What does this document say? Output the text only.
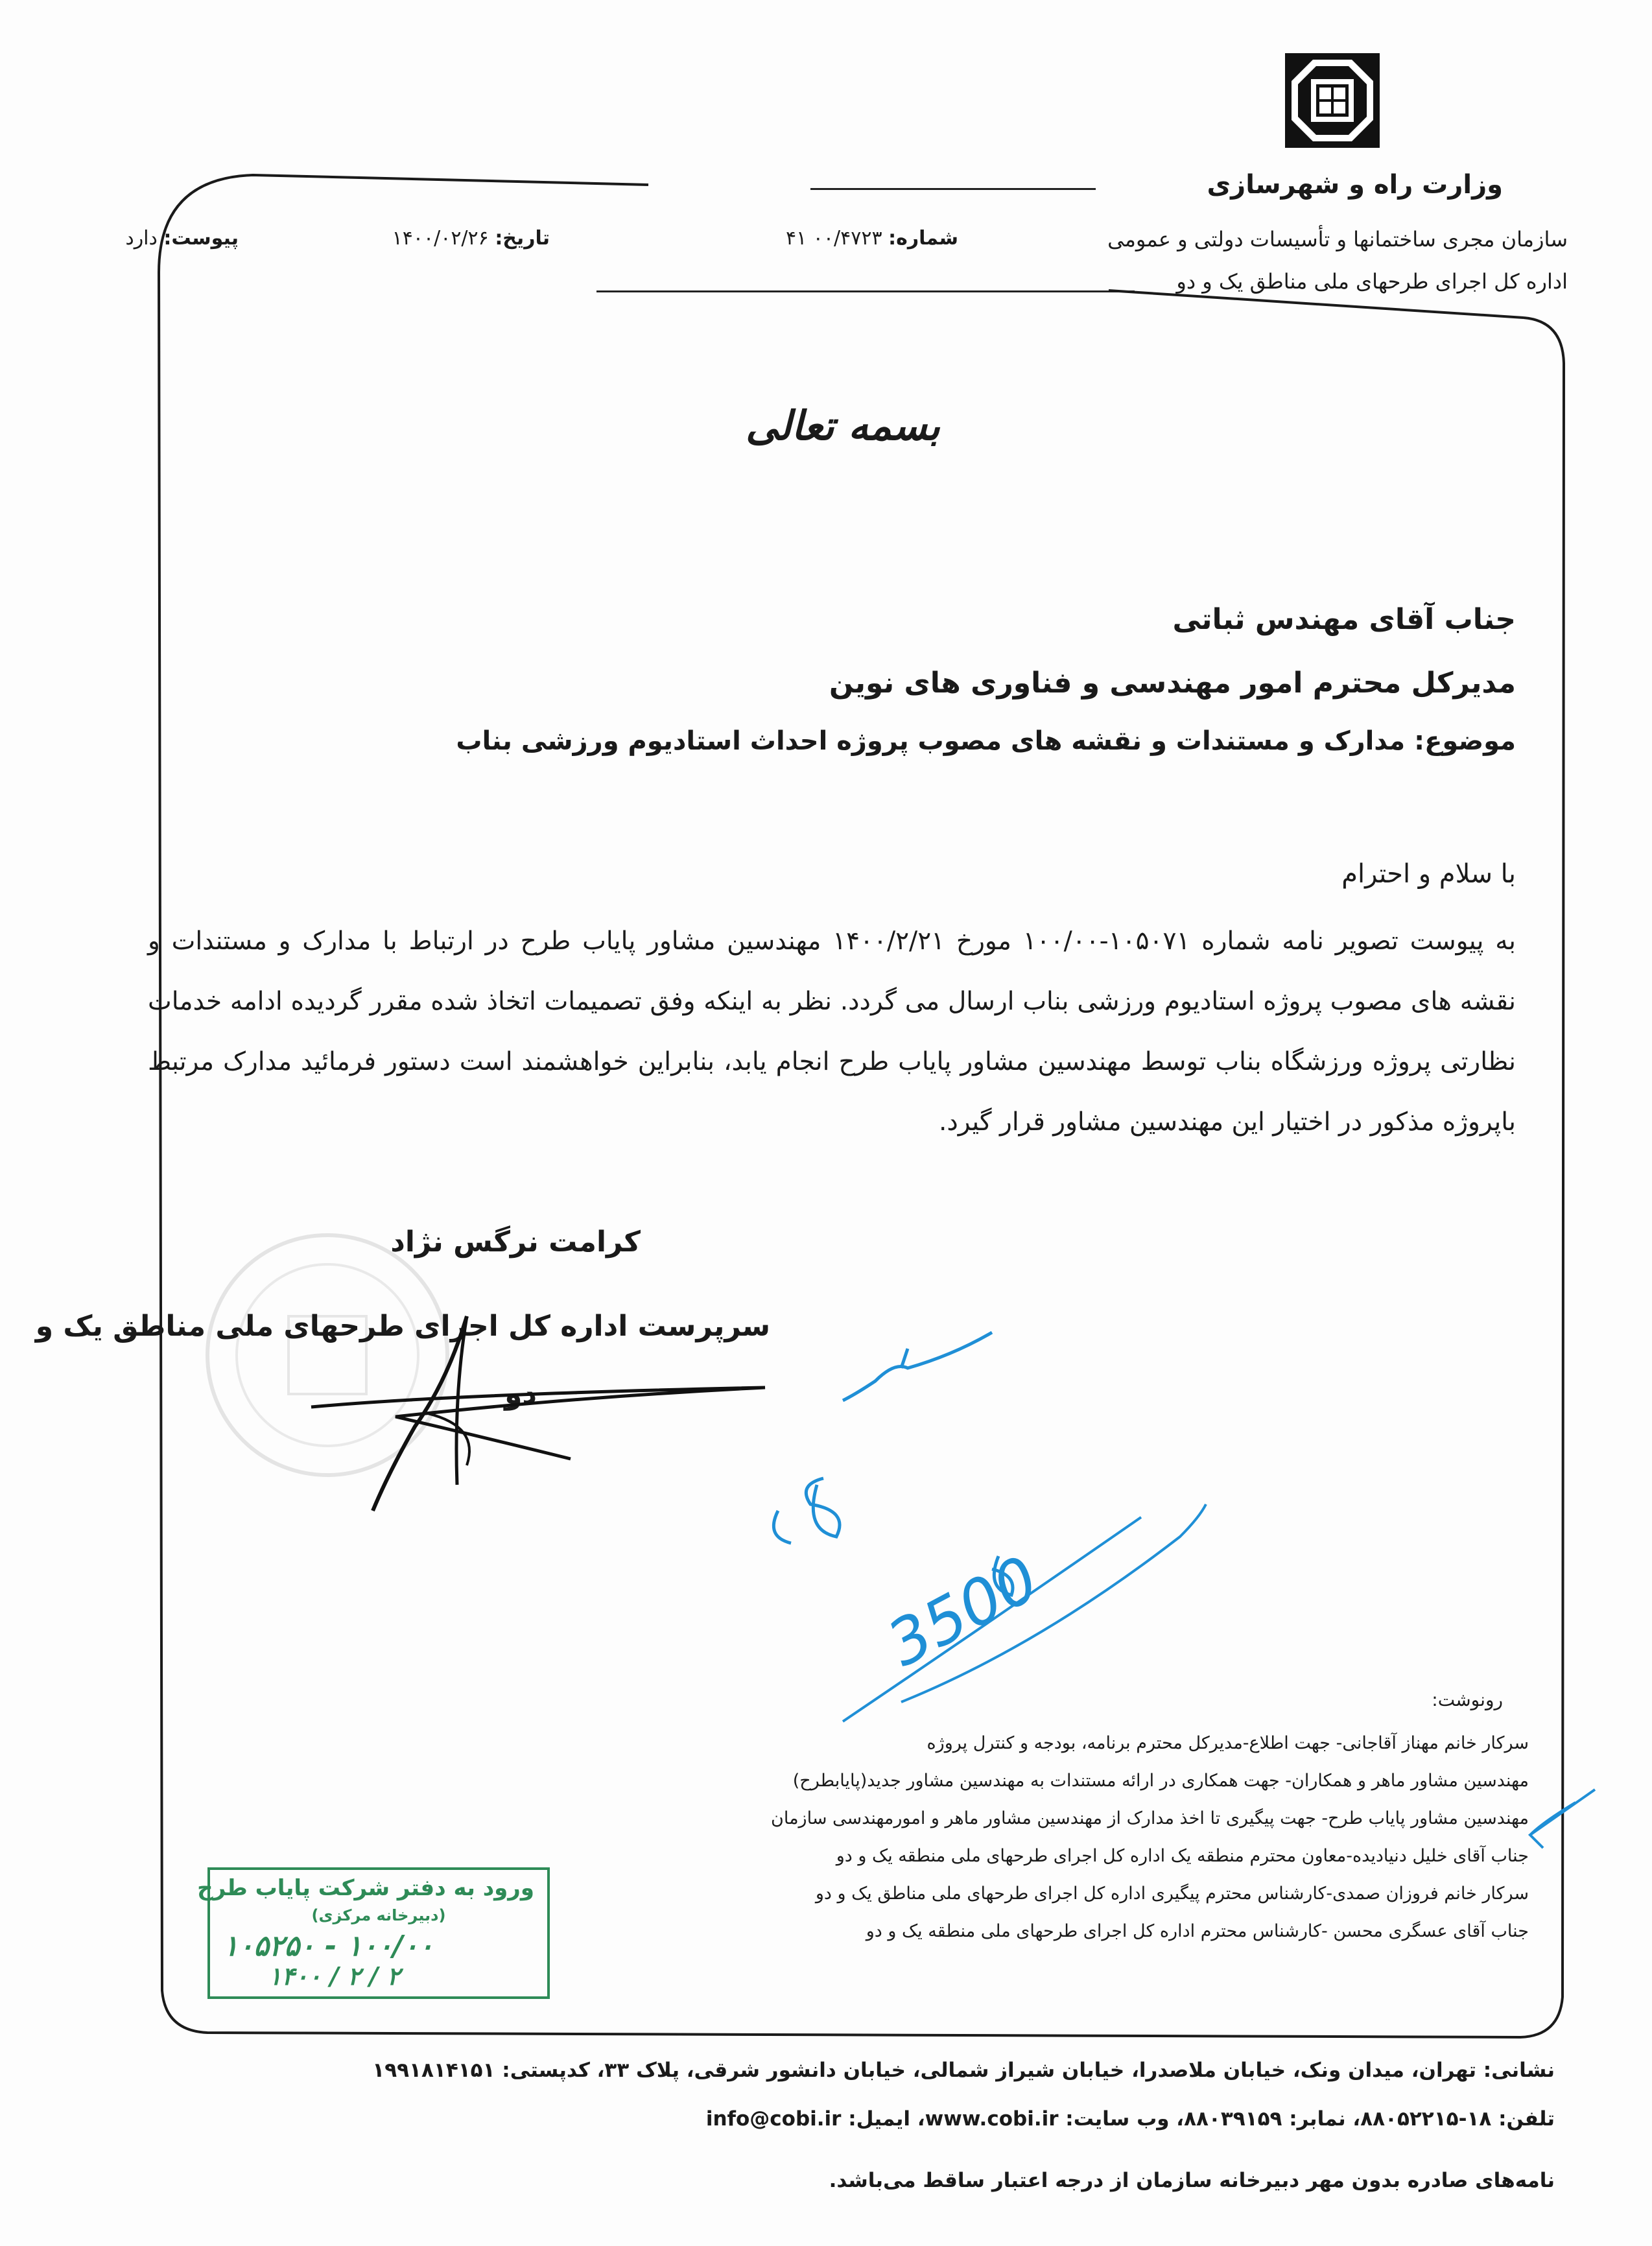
وزارت راه و شهرسازی
سازمان مجری ساختمانها و تأسیسات دولتی و عمومی
اداره کل اجرای طرحهای ملی مناطق یک و دو
شماره: ۰۰/۴۷۲۳ ۴۱
تاریخ: ۱۴۰۰/۰۲/۲۶
پیوست: دارد
بسمه تعالی
جناب آقای مهندس ثباتی
مدیرکل محترم امور مهندسی و فناوری های نوین
موضوع: مدارک و مستندات و نقشه های مصوب پروژه احداث استادیوم ورزشی بناب
با سلام و احترام
به پیوست تصویر نامه شماره ۱۰۵۰۷۱-۱۰۰/۰۰ مورخ ۱۴۰۰/۲/۲۱ مهندسین مشاور پایاب طرح در ارتباط با مدارک و مستندات و نقشه های مصوب پروژه استادیوم ورزشی بناب ارسال می گردد. نظر به اینکه وفق تصمیمات اتخاذ شده مقرر گردیده ادامه خدمات نظارتی پروژه ورزشگاه بناب توسط مهندسین مشاور پایاب طرح انجام یابد، بنابراین خواهشمند است دستور فرمائید مدارک مرتبط باپروژه مذکور در اختیار این مهندسین مشاور قرار گیرد.
کرامت نرگس نژاد
سرپرست اداره کل اجرای طرحهای ملی مناطق یک و
دو
3500
رونوشت:
سرکار خانم مهناز آقاجانی- جهت اطلاع-مدیرکل محترم برنامه، بودجه و کنترل پروژه
مهندسین مشاور ماهر و همکاران- جهت همکاری در ارائه مستندات به مهندسین مشاور جدید(پایابطرح)
مهندسین مشاور پایاب طرح- جهت پیگیری تا اخذ مدارک از مهندسین مشاور ماهر و امورمهندسی سازمان
جناب آقای خلیل دنیادیده-معاون محترم منطقه یک اداره کل اجرای طرحهای ملی منطقه یک و دو
سرکار خانم فروزان صمدی-کارشناس محترم پیگیری اداره کل اجرای طرحهای ملی مناطق یک و دو
جناب آقای عسگری محسن -کارشناس محترم اداره کل اجرای طرحهای ملی منطقه یک و دو
ورود به دفتر شرکت پایاب طرح
(دبیرخانه مرکزی)
۱۰۵۲۵۰ - ۱۰۰/۰۰
۱۴۰۰ / ۲ / ۲
نشانی: تهران، میدان ونک، خیابان ملاصدرا، خیابان شیراز شمالی، خیابان دانشور شرقی، پلاک ۳۳، کدپستی: ۱۹۹۱۸۱۴۱۵۱
تلفن: ۱۸-۸۸۰۵۲۲۱۵، نمابر: ۸۸۰۳۹۱۵۹، وب سایت: www.cobi.ir، ایمیل: info@cobi.ir
نامه‌های صادره بدون مهر دبیرخانه سازمان از درجه اعتبار ساقط می‌باشد.
